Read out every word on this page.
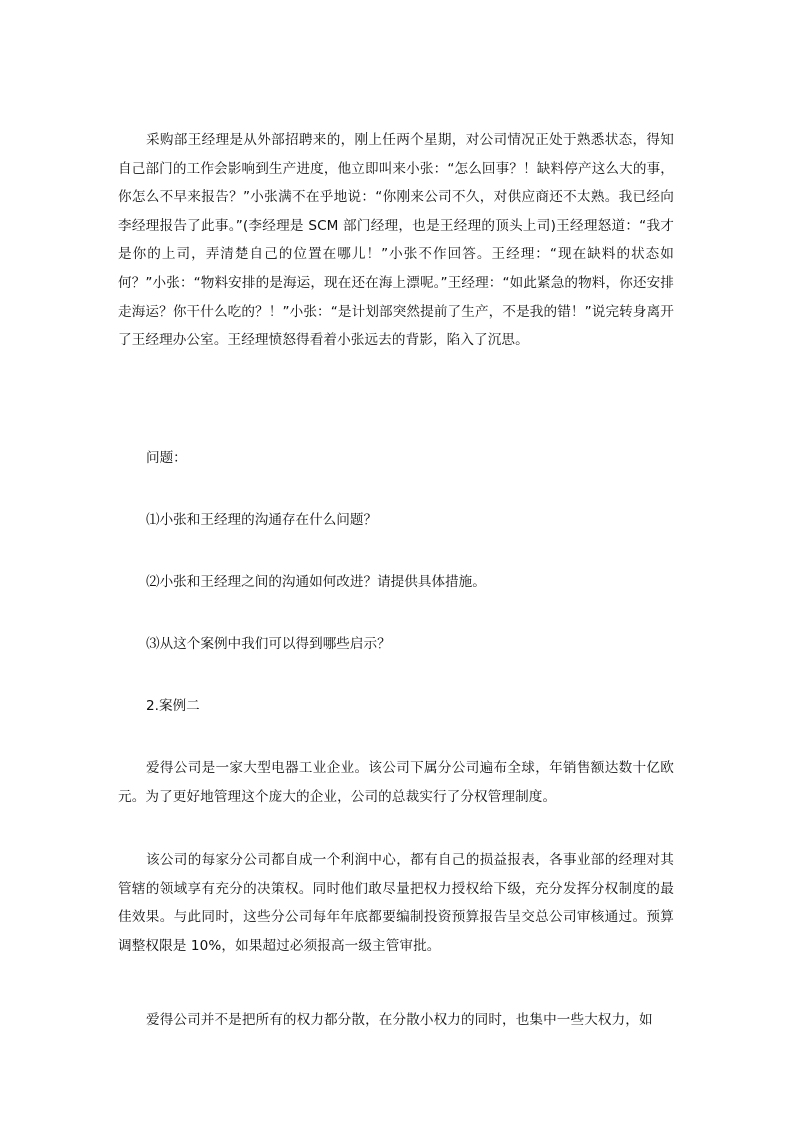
采购部王经理是从外部招聘来的，刚上任两个星期，对公司情况正处于熟悉状态，得知自己部门的工作会影响到生产进度，他立即叫来小张：“怎么回事？！缺料停产这么大的事，你怎么不早来报告？”小张满不在乎地说：“你刚来公司不久，对供应商还不太熟。我已经向李经理报告了此事。”(李经理是 SCM 部门经理，也是王经理的顶头上司)王经理怒道：“我才是你的上司，弄清楚自己的位置在哪儿！”小张不作回答。王经理：“现在缺料的状态如何？”小张：“物料安排的是海运，现在还在海上漂呢。”王经理：“如此紧急的物料，你还安排走海运？你干什么吃的？！”小张：“是计划部突然提前了生产，不是我的错！”说完转身离开了王经理办公室。王经理愤怒得看着小张远去的背影，陷入了沉思。

问题：

⑴小张和王经理的沟通存在什么问题？

⑵小张和王经理之间的沟通如何改进？请提供具体措施。

⑶从这个案例中我们可以得到哪些启示？

2.案例二

爱得公司是一家大型电器工业企业。该公司下属分公司遍布全球，年销售额达数十亿欧元。为了更好地管理这个庞大的企业，公司的总裁实行了分权管理制度。

该公司的每家分公司都自成一个利润中心，都有自己的损益报表，各事业部的经理对其管辖的领域享有充分的决策权。同时他们敢尽量把权力授权给下级，充分发挥分权制度的最佳效果。与此同时，这些分公司每年年底都要编制投资预算报告呈交总公司审核通过。预算调整权限是 10%，如果超过必须报高一级主管审批。

爱得公司并不是把所有的权力都分散，在分散小权力的同时，也集中一些大权力，如
